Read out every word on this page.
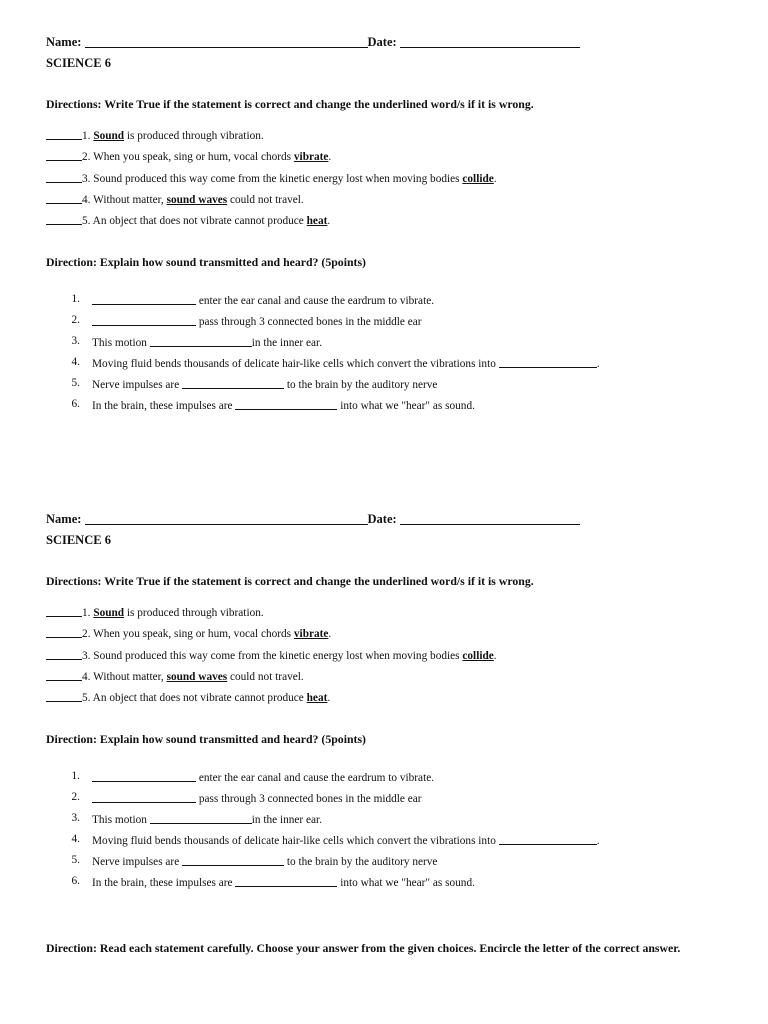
Name:	Date:
SCIENCE 6
Directions: Write True if the statement is correct and change the underlined word/s if it is wrong.
1. Sound is produced through vibration.
2. When you speak, sing or hum, vocal chords vibrate.
3. Sound produced this way come from the kinetic energy lost when moving bodies collide.
4. Without matter, sound waves could not travel.
5. An object that does not vibrate cannot produce heat.
Direction: Explain how sound transmitted and heard? (5points)
1.	enter the ear canal and cause the eardrum to vibrate.
2.	pass through 3 connected bones in the middle ear
3. This motion	in the inner ear.
4. Moving fluid bends thousands of delicate hair-like cells which convert the vibrations into	.
5. Nerve impulses are	to the brain by the auditory nerve
6. In the brain, these impulses are	into what we "hear" as sound.
Name:	Date:
SCIENCE 6
Directions: Write True if the statement is correct and change the underlined word/s if it is wrong.
1. Sound is produced through vibration.
2. When you speak, sing or hum, vocal chords vibrate.
3. Sound produced this way come from the kinetic energy lost when moving bodies collide.
4. Without matter, sound waves could not travel.
5. An object that does not vibrate cannot produce heat.
Direction: Explain how sound transmitted and heard? (5points)
1.	enter the ear canal and cause the eardrum to vibrate.
2.	pass through 3 connected bones in the middle ear
3. This motion	in the inner ear.
4. Moving fluid bends thousands of delicate hair-like cells which convert the vibrations into	.
5. Nerve impulses are	to the brain by the auditory nerve
6. In the brain, these impulses are	into what we "hear" as sound.
Direction: Read each statement carefully. Choose your answer from the given choices. Encircle the letter of the correct answer.
